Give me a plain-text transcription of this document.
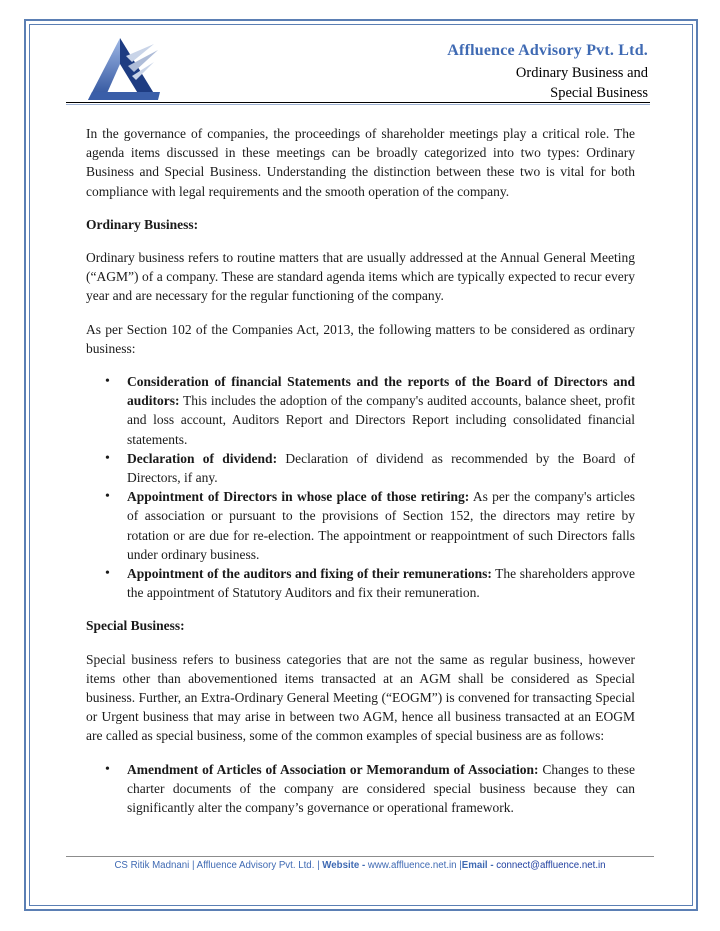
Affluence Advisory Pvt. Ltd.
Ordinary Business and
Special Business

In the governance of companies, the proceedings of shareholder meetings play a critical role. The agenda items discussed in these meetings can be broadly categorized into two types: Ordinary Business and Special Business. Understanding the distinction between these two is vital for both compliance with legal requirements and the smooth operation of the company.

Ordinary Business:

Ordinary business refers to routine matters that are usually addressed at the Annual General Meeting (“AGM”) of a company. These are standard agenda items which are typically expected to recur every year and are necessary for the regular functioning of the company.

As per Section 102 of the Companies Act, 2013, the following matters to be considered as ordinary business:

• Consideration of financial Statements and the reports of the Board of Directors and auditors: This includes the adoption of the company's audited accounts, balance sheet, profit and loss account, Auditors Report and Directors Report including consolidated financial statements.
• Declaration of dividend: Declaration of dividend as recommended by the Board of Directors, if any.
• Appointment of Directors in whose place of those retiring: As per the company's articles of association or pursuant to the provisions of Section 152, the directors may retire by rotation or are due for re-election. The appointment or reappointment of such Directors falls under ordinary business.
• Appointment of the auditors and fixing of their remunerations: The shareholders approve the appointment of Statutory Auditors and fix their remuneration.
Special Business:

Special business refers to business categories that are not the same as regular business, however items other than abovementioned items transacted at an AGM shall be considered as Special business. Further, an Extra-Ordinary General Meeting (“EOGM”) is convened for transacting Special or Urgent business that may arise in between two AGM, hence all business transacted at an EOGM are called as special business, some of the common examples of special business are as follows:

• Amendment of Articles of Association or Memorandum of Association: Changes to these charter documents of the company are considered special business because they can significantly alter the company’s governance or operational framework.
CS Ritik Madnani | Affluence Advisory Pvt. Ltd. | Website - www.affluence.net.in |Email - connect@affluence.net.in
